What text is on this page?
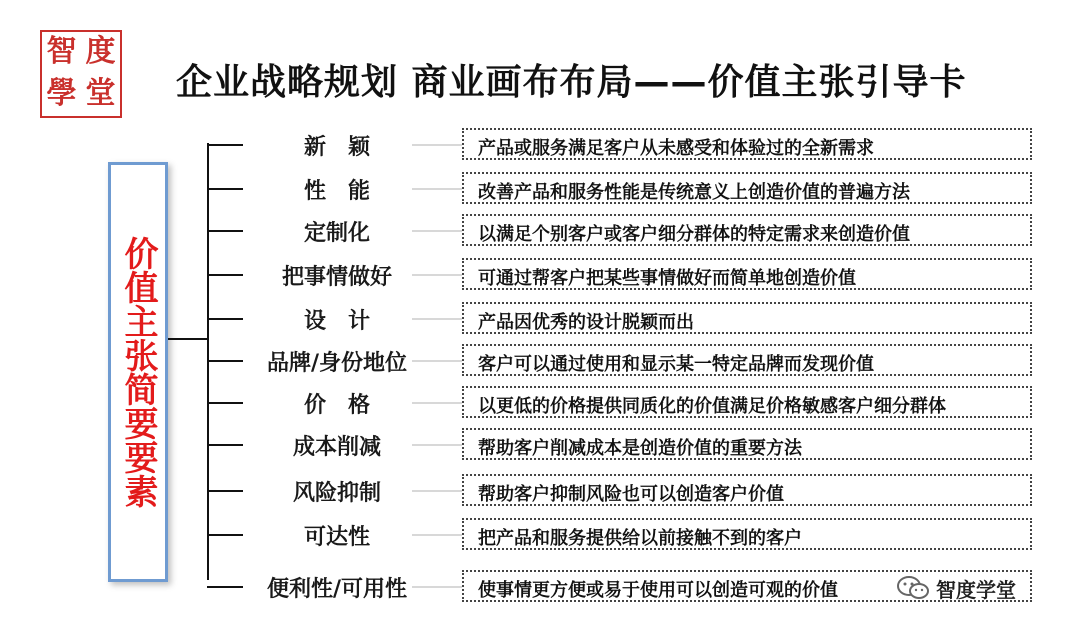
智 度
學 堂 企业战略规划 商业画布布局——价值主张引导卡
价值主张简要要素
新　颖	产品或服务满足客户从未感受和体验过的全新需求
性　能	改善产品和服务性能是传统意义上创造价值的普遍方法
定制化	以满足个别客户或客户细分群体的特定需求来创造价值
把事情做好	可通过帮客户把某些事情做好而简单地创造价值
设　计	产品因优秀的设计脱颖而出
品牌/身份地位	客户可以通过使用和显示某一特定品牌而发现价值
价　格	以更低的价格提供同质化的价值满足价格敏感客户细分群体
成本削减	帮助客户削减成本是创造价值的重要方法
风险抑制	帮助客户抑制风险也可以创造客户价值
可达性	把产品和服务提供给以前接触不到的客户
便利性/可用性	使事情更方便或易于使用可以创造可观的价值	智度学堂
